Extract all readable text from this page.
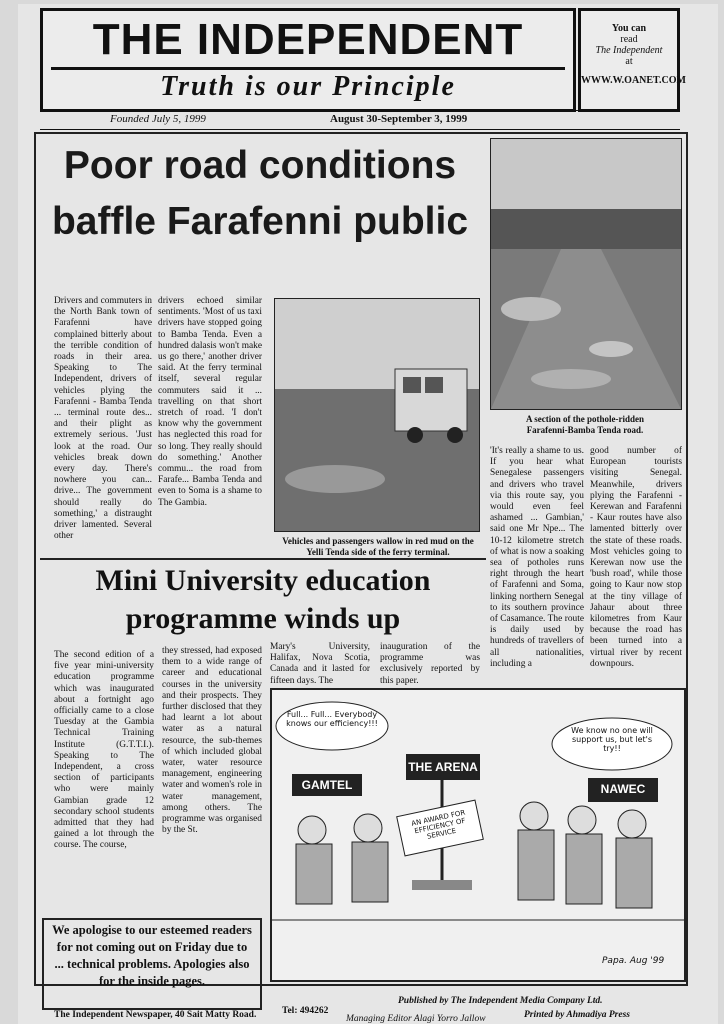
THE INDEPENDENT
Truth is our Principle
You can
read
The Independent
at
WWW.W.OANET.COM
Founded July 5, 1999	August 30-September 3, 1999
Poor road conditions baffle Farafenni public
A section of the pothole-ridden Farafenni-Bamba Tenda road.
Vehicles and passengers wallow in red mud on the Yelli Tenda side of the ferry terminal.
Drivers and commuters in the North Bank town of Farafenni have complained bitterly about the terrible condition of roads in their area. Speaking to The Independent, drivers of vehicles plying the Farafenni - Bamba Tenda ... terminal route des... and their plight as extremely serious. 'Just look at the road. Our vehicles break down every day. There's nowhere you can... drive... The government should really do something,' a distraught driver lamented. Several other
drivers echoed similar sentiments. 'Most of us taxi drivers have stopped going to Bamba Tenda. Even a hundred dalasis won't make us go there,' another driver said. At the ferry terminal itself, several regular commuters said it ... travelling on that short stretch of road. 'I don't know why the government has neglected this road for so long. They really should do something.' Another commu... the road from Farafe... Bamba Tenda and even to Soma is a shame to The Gambia.
'It's really a shame to us. If you hear what Senegalese passengers and drivers who travel via this route say, you would even feel ashamed ... Gambian,' said one Mr Npe... The 10-12 kilometre stretch of what is now a soaking sea of potholes runs right through the heart of Farafenni and Soma, linking northern Senegal to its southern province of Casamance. The route is daily used by hundreds of travellers of all nationalities, including a
good number of European tourists visiting Senegal. Meanwhile, drivers plying the Farafenni - Kerewan and Farafenni - Kaur routes have also lamented bitterly over the state of these roads. Most vehicles going to Kerewan now use the 'bush road', while those going to Kaur now stop at the tiny village of Jahaur about three kilometres from Kaur because the road has been turned into a virtual river by recent downpours.
Mini University education programme winds up
The second edition of a five year mini-university education programme which was inaugurated about a fortnight ago officially came to a close Tuesday at the Gambia Technical Training Institute (G.T.T.I.). Speaking to The Independent, a cross section of participants who were mainly Gambian grade 12 secondary school students admitted that they had gained a lot through the course. The course,
they stressed, had exposed them to a wide range of career and educational courses in the university and their prospects. They further disclosed that they had learnt a lot about water as a natural resource, the sub-themes of which included global water, water resource management, engineering water and women's role in water management, among others. The programme was organised by the St.
Mary's University, Halifax, Nova Scotia, Canada and it lasted for fifteen days. The
inauguration of the programme was exclusively reported by this paper.
Full... Full... Everybody knows our efficiency!!!
We know no one will support us, but let's try!!
GAMTEL
THE ARENA
NAWEC
AN AWARD FOR EFFICIENCY OF SERVICE
Papa. Aug '99
We apologise to our esteemed readers for not coming out on Friday due to ... technical problems. Apologies also for the inside pages.
The Independent Newspaper, 40 Sait Matty Road.	Tel: 494262
Published by The Independent Media Company Ltd.
Managing Editor Alagi Yorro Jallow	Printed by Ahmadiya Press
